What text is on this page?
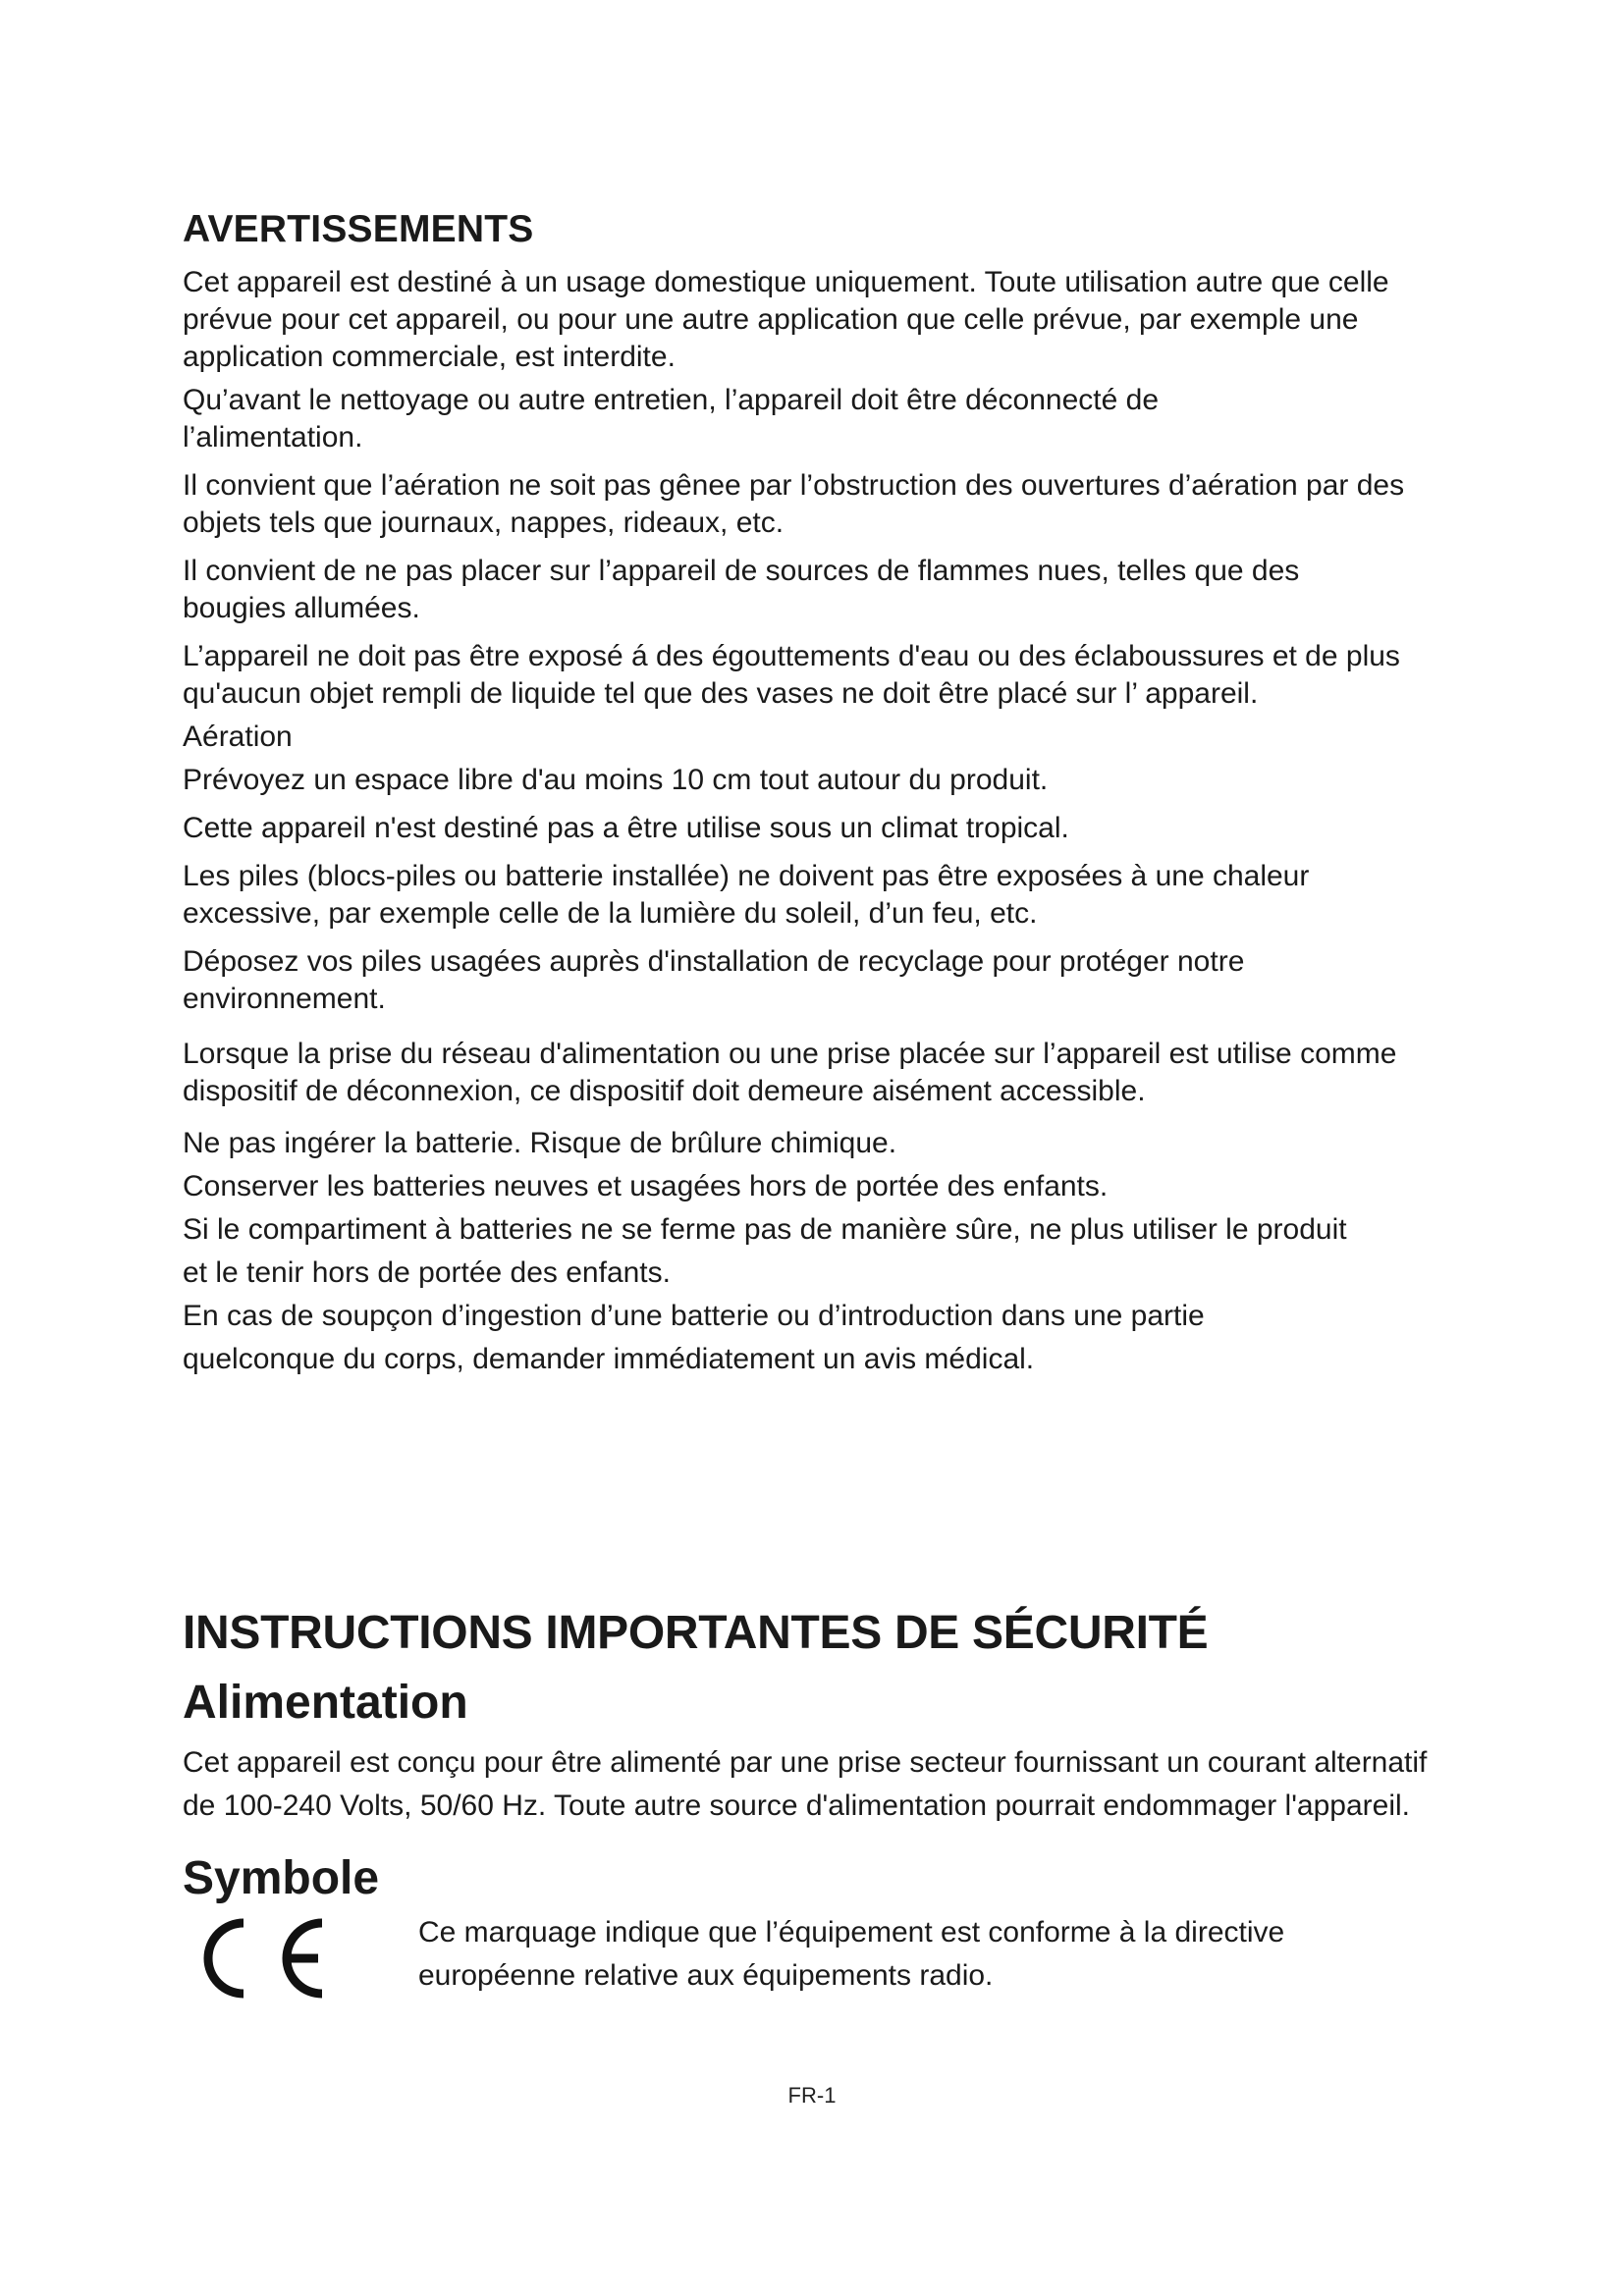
AVERTISSEMENTS

Cet appareil est destiné à un usage domestique uniquement. Toute utilisation autre que celle prévue pour cet appareil, ou pour une autre application que celle prévue, par exemple une application commerciale, est interdite.

Qu’avant le nettoyage ou autre entretien, l’appareil doit être déconnecté de l’alimentation.

Il convient que l’aération ne soit pas gênee par l’obstruction des ouvertures d’aération par des objets tels que journaux, nappes, rideaux, etc.

Il convient de ne pas placer sur l’appareil de sources de flammes nues, telles que des bougies allumées.

L’appareil ne doit pas être exposé á des égouttements d'eau ou des éclaboussures et de plus qu'aucun objet rempli de liquide tel que des vases ne doit être placé sur l’ appareil.

Aération

Prévoyez un espace libre d'au moins 10 cm tout autour du produit.

Cette appareil n'est destiné pas a être utilise sous un climat tropical.

Les piles (blocs-piles ou batterie installée) ne doivent pas être exposées à une chaleur excessive, par exemple celle de la lumière du soleil, d’un feu, etc.

Déposez vos piles usagées auprès d'installation de recyclage pour protéger notre environnement.

Lorsque la prise du réseau d'alimentation ou une prise placée sur l’appareil est utilise comme dispositif de déconnexion, ce dispositif doit demeure aisément accessible.

Ne pas ingérer la batterie. Risque de brûlure chimique.

Conserver les batteries neuves et usagées hors de portée des enfants.

Si le compartiment à batteries ne se ferme pas de manière sûre, ne plus utiliser le produit et le tenir hors de portée des enfants.

En cas de soupçon d’ingestion d’une batterie ou d’introduction dans une partie quelconque du corps, demander immédiatement un avis médical.

INSTRUCTIONS IMPORTANTES DE SÉCURITÉ
Alimentation

Cet appareil est conçu pour être alimenté par une prise secteur fournissant un courant alternatif de 100-240 Volts, 50/60 Hz. Toute autre source d'alimentation pourrait endommager l'appareil.

Symbole

Ce marquage indique que l’équipement est conforme à la directive européenne relative aux équipements radio.

FR-1
